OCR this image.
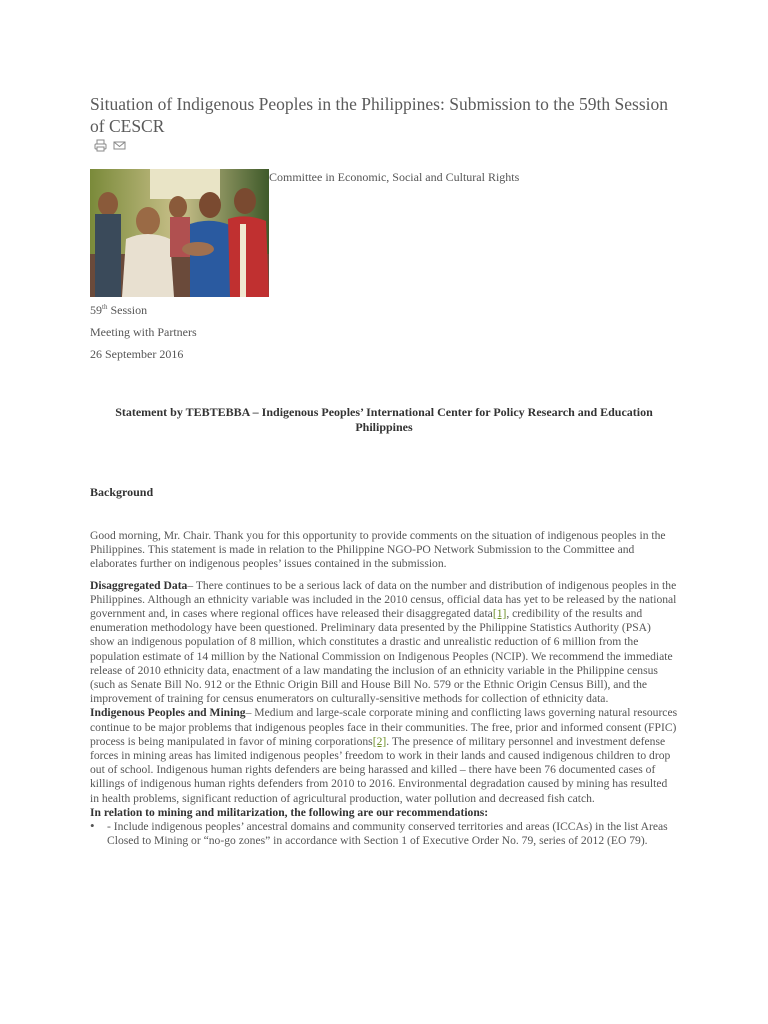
Situation of Indigenous Peoples in the Philippines: Submission to the 59th Session of CESCR
Committee in Economic, Social and Cultural Rights
59th Session
Meeting with Partners
26 September 2016
Statement by TEBTEBBA – Indigenous Peoples’ International Center for Policy Research and Education
Philippines
Background

Good morning, Mr. Chair. Thank you for this opportunity to provide comments on the situation of indigenous peoples in the Philippines. This statement is made in relation to the Philippine NGO-PO Network Submission to the Committee and elaborates further on indigenous peoples’ issues contained in the submission.

Disaggregated Data– There continues to be a serious lack of data on the number and distribution of indigenous peoples in the Philippines. Although an ethnicity variable was included in the 2010 census, official data has yet to be released by the national government and, in cases where regional offices have released their disaggregated data[1], credibility of the results and enumeration methodology have been questioned. Preliminary data presented by the Philippine Statistics Authority (PSA) show an indigenous population of 8 million, which constitutes a drastic and unrealistic reduction of 6 million from the population estimate of 14 million by the National Commission on Indigenous Peoples (NCIP). We recommend the immediate release of 2010 ethnicity data, enactment of a law mandating the inclusion of an ethnicity variable in the Philippine census (such as Senate Bill No. 912 or the Ethnic Origin Bill and House Bill No. 579 or the Ethnic Origin Census Bill), and the improvement of training for census enumerators on culturally-sensitive methods for collection of ethnicity data.

Indigenous Peoples and Mining– Medium and large-scale corporate mining and conflicting laws governing natural resources continue to be major problems that indigenous peoples face in their communities. The free, prior and informed consent (FPIC) process is being manipulated in favor of mining corporations[2]. The presence of military personnel and investment defense forces in mining areas has limited indigenous peoples’ freedom to work in their lands and caused indigenous children to drop out of school. Indigenous human rights defenders are being harassed and killed – there have been 76 documented cases of killings of indigenous human rights defenders from 2010 to 2016. Environmental degradation caused by mining has resulted in health problems, significant reduction of agricultural production, water pollution and decreased fish catch.

In relation to mining and militarization, the following are our recommendations:

• - Include indigenous peoples’ ancestral domains and community conserved territories and areas (ICCAs) in the list Areas Closed to Mining or “no-go zones” in accordance with Section 1 of Executive Order No. 79, series of 2012 (EO 79).
